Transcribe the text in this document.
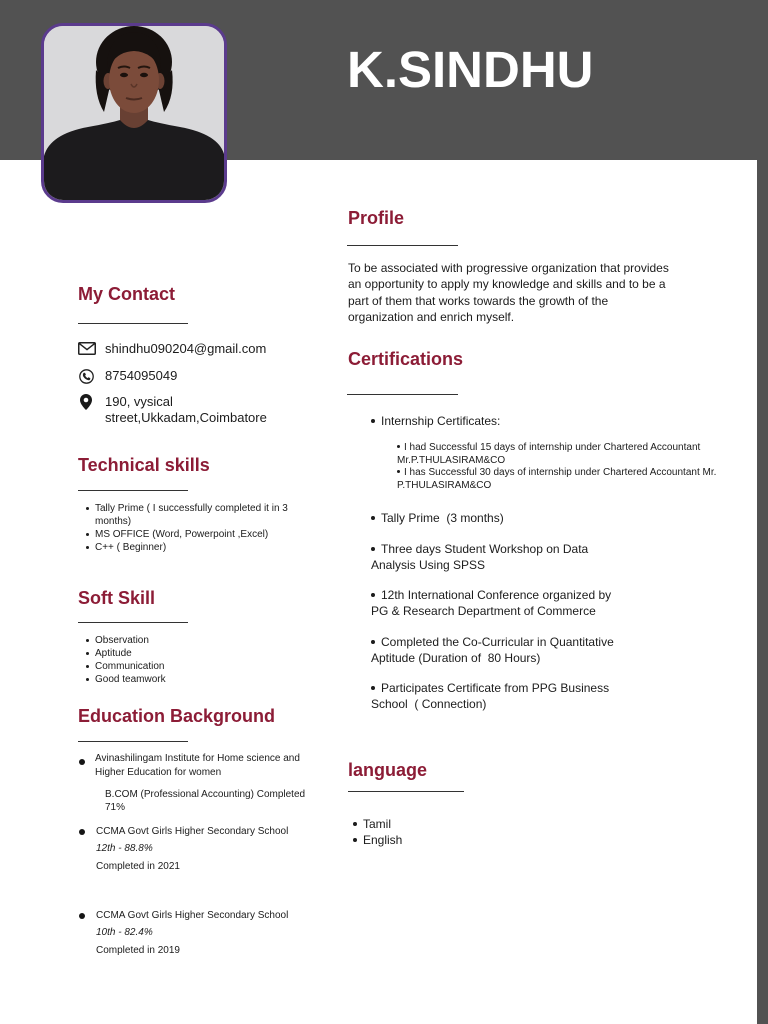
K.SINDHU
My Contact
shindhu090204@gmail.com
8754095049
190, vysical
street,Ukkadam,Coimbatore
Technical skills
Tally Prime ( I successfully completed it in 3
months)
MS OFFICE (Word, Powerpoint ,Excel)
C++ ( Beginner)
Soft Skill
Observation
Aptitude
Communication
Good teamwork
Education Background
Avinashilingam Institute for Home science and
Higher Education for women
B.COM (Professional Accounting) Completed
71%
CCMA Govt Girls Higher Secondary School
12th - 88.8%
Completed in 2021
CCMA Govt Girls Higher Secondary School
10th - 82.4%
Completed in 2019
Profile
To be associated with progressive organization that provides
an opportunity to apply my knowledge and skills and to be a
part of them that works towards the growth of the
organization and enrich myself.
Certifications
Internship Certificates:
I had Successful 15 days of internship under Chartered Accountant
Mr.P.THULASIRAM&CO
I has Successful 30 days of internship under Chartered Accountant Mr.
P.THULASIRAM&CO
Tally Prime  (3 months)
Three days Student Workshop on Data
Analysis Using SPSS
12th International Conference organized by
PG & Research Department of Commerce
Completed the Co-Curricular in Quantitative
Aptitude (Duration of  80 Hours)
Participates Certificate from PPG Business
School  ( Connection)
language
Tamil
English
